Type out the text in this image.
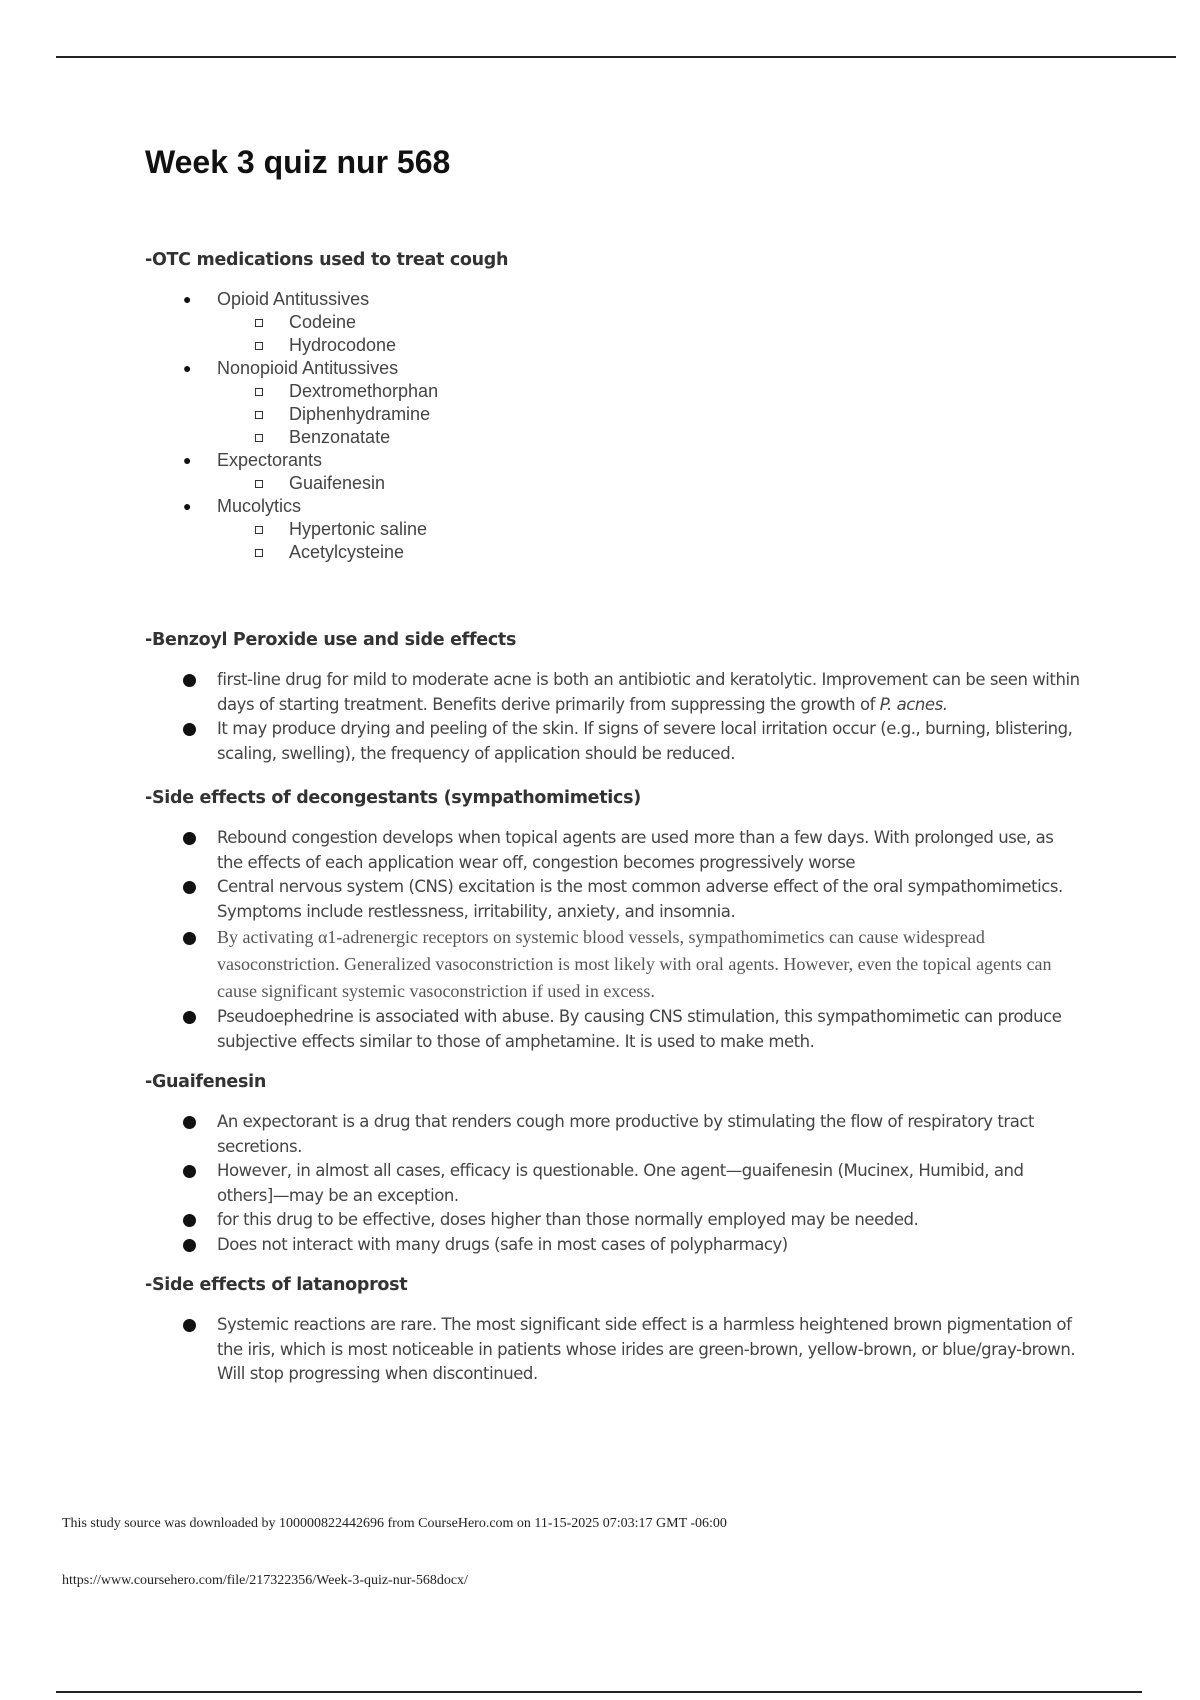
Week 3 quiz nur 568

-OTC medications used to treat cough

● Opioid Antitussives
Codeine
Hydrocodone
● Nonopioid Antitussives
Dextromethorphan
Diphenhydramine
Benzonatate
● Expectorants
Guaifenesin
● Mucolytics
Hypertonic saline
Acetylcysteine

-Benzoyl Peroxide use and side effects

first-line drug for mild to moderate acne is both an antibiotic and keratolytic. Improvement can be seen within days of starting treatment. Benefits derive primarily from suppressing the growth of P. acnes.
It may produce drying and peeling of the skin. If signs of severe local irritation occur (e.g., burning, blistering, scaling, swelling), the frequency of application should be reduced.

-Side effects of decongestants (sympathomimetics)

Rebound congestion develops when topical agents are used more than a few days. With prolonged use, as the effects of each application wear off, congestion becomes progressively worse
Central nervous system (CNS) excitation is the most common adverse effect of the oral sympathomimetics. Symptoms include restlessness, irritability, anxiety, and insomnia.
By activating α1-adrenergic receptors on systemic blood vessels, sympathomimetics can cause widespread vasoconstriction. Generalized vasoconstriction is most likely with oral agents. However, even the topical agents can cause significant systemic vasoconstriction if used in excess.
Pseudoephedrine is associated with abuse. By causing CNS stimulation, this sympathomimetic can produce subjective effects similar to those of amphetamine. It is used to make meth.

-Guaifenesin

An expectorant is a drug that renders cough more productive by stimulating the flow of respiratory tract secretions.
However, in almost all cases, efficacy is questionable. One agent—guaifenesin (Mucinex, Humibid, and others]—may be an exception.
for this drug to be effective, doses higher than those normally employed may be needed.
Does not interact with many drugs (safe in most cases of polypharmacy)

-Side effects of latanoprost

Systemic reactions are rare. The most significant side effect is a harmless heightened brown pigmentation of the iris, which is most noticeable in patients whose irides are green-brown, yellow-brown, or blue/gray-brown. Will stop progressing when discontinued.

This study source was downloaded by 100000822442696 from CourseHero.com on 11-15-2025 07:03:17 GMT -06:00

https://www.coursehero.com/file/217322356/Week-3-quiz-nur-568docx/
